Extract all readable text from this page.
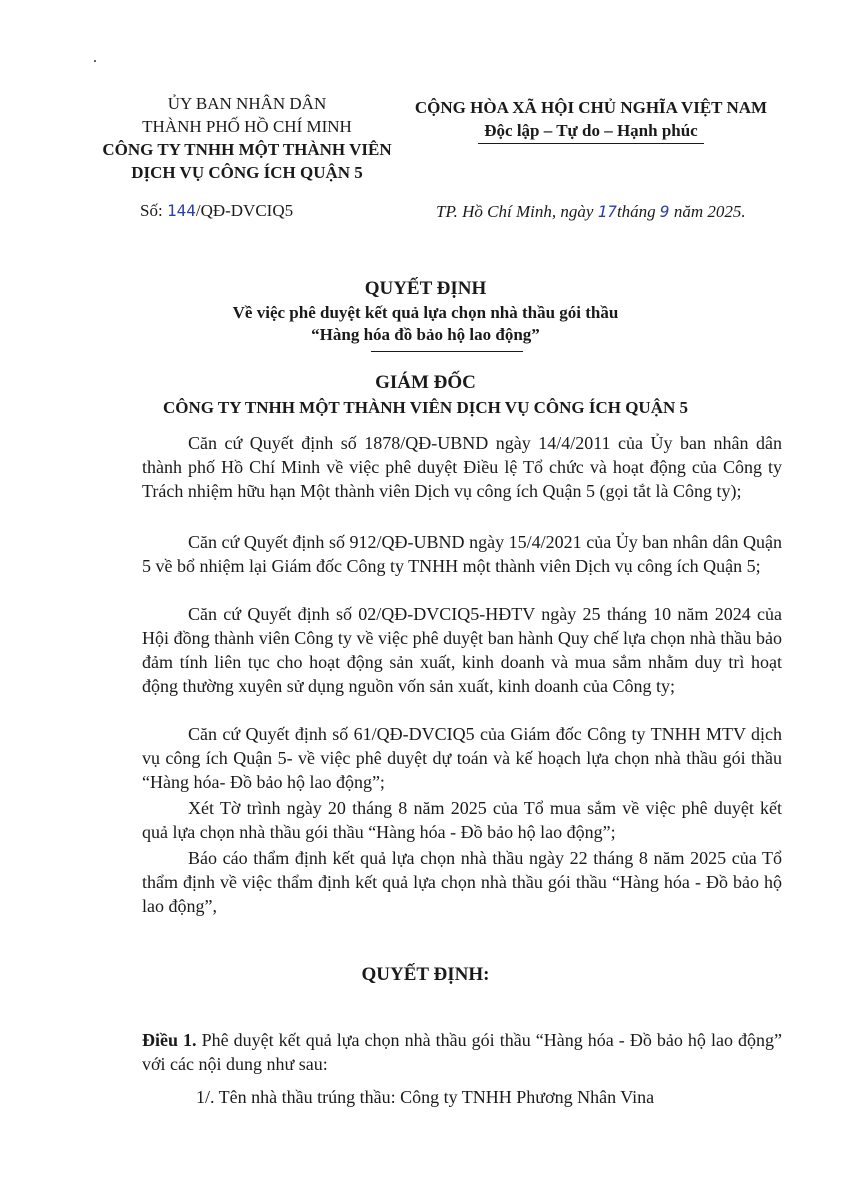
ỦY BAN NHÂN DÂN
THÀNH PHỐ HỒ CHÍ MINH
CÔNG TY TNHH MỘT THÀNH VIÊN
DỊCH VỤ CÔNG ÍCH QUẬN 5
CỘNG HÒA XÃ HỘI CHỦ NGHĨA VIỆT NAM
Độc lập – Tự do – Hạnh phúc
Số: 144/QĐ-DVCIQ5	TP. Hồ Chí Minh, ngày 17tháng 9 năm 2025.
QUYẾT ĐỊNH
Về việc phê duyệt kết quả lựa chọn nhà thầu gói thầu
“Hàng hóa đồ bảo hộ lao động”
GIÁM ĐỐC
CÔNG TY TNHH MỘT THÀNH VIÊN DỊCH VỤ CÔNG ÍCH QUẬN 5

Căn cứ Quyết định số 1878/QĐ-UBND ngày 14/4/2011 của Ủy ban nhân dân thành phố Hồ Chí Minh về việc phê duyệt Điều lệ Tổ chức và hoạt động của Công ty Trách nhiệm hữu hạn Một thành viên Dịch vụ công ích Quận 5 (gọi tắt là Công ty);

Căn cứ Quyết định số 912/QĐ-UBND ngày 15/4/2021 của Ủy ban nhân dân Quận 5 về bổ nhiệm lại Giám đốc Công ty TNHH một thành viên Dịch vụ công ích Quận 5;

Căn cứ Quyết định số 02/QĐ-DVCIQ5-HĐTV ngày 25 tháng 10 năm 2024 của Hội đồng thành viên Công ty về việc phê duyệt ban hành Quy chế lựa chọn nhà thầu bảo đảm tính liên tục cho hoạt động sản xuất, kinh doanh và mua sắm nhằm duy trì hoạt động thường xuyên sử dụng nguồn vốn sản xuất, kinh doanh của Công ty;

Căn cứ Quyết định số 61/QĐ-DVCIQ5 của Giám đốc Công ty TNHH MTV dịch vụ công ích Quận 5- về việc phê duyệt dự toán và kế hoạch lựa chọn nhà thầu gói thầu “Hàng hóa- Đồ bảo hộ lao động”;

Xét Tờ trình ngày 20 tháng 8 năm 2025 của Tổ mua sắm về việc phê duyệt kết quả lựa chọn nhà thầu gói thầu “Hàng hóa - Đồ bảo hộ lao động”;

Báo cáo thẩm định kết quả lựa chọn nhà thầu ngày 22 tháng 8 năm 2025 của Tổ thẩm định về việc thẩm định kết quả lựa chọn nhà thầu gói thầu “Hàng hóa - Đồ bảo hộ lao động”,

QUYẾT ĐỊNH:
Điều 1. Phê duyệt kết quả lựa chọn nhà thầu gói thầu “Hàng hóa - Đồ bảo hộ lao động” với các nội dung như sau:
1/. Tên nhà thầu trúng thầu: Công ty TNHH Phương Nhân Vina
